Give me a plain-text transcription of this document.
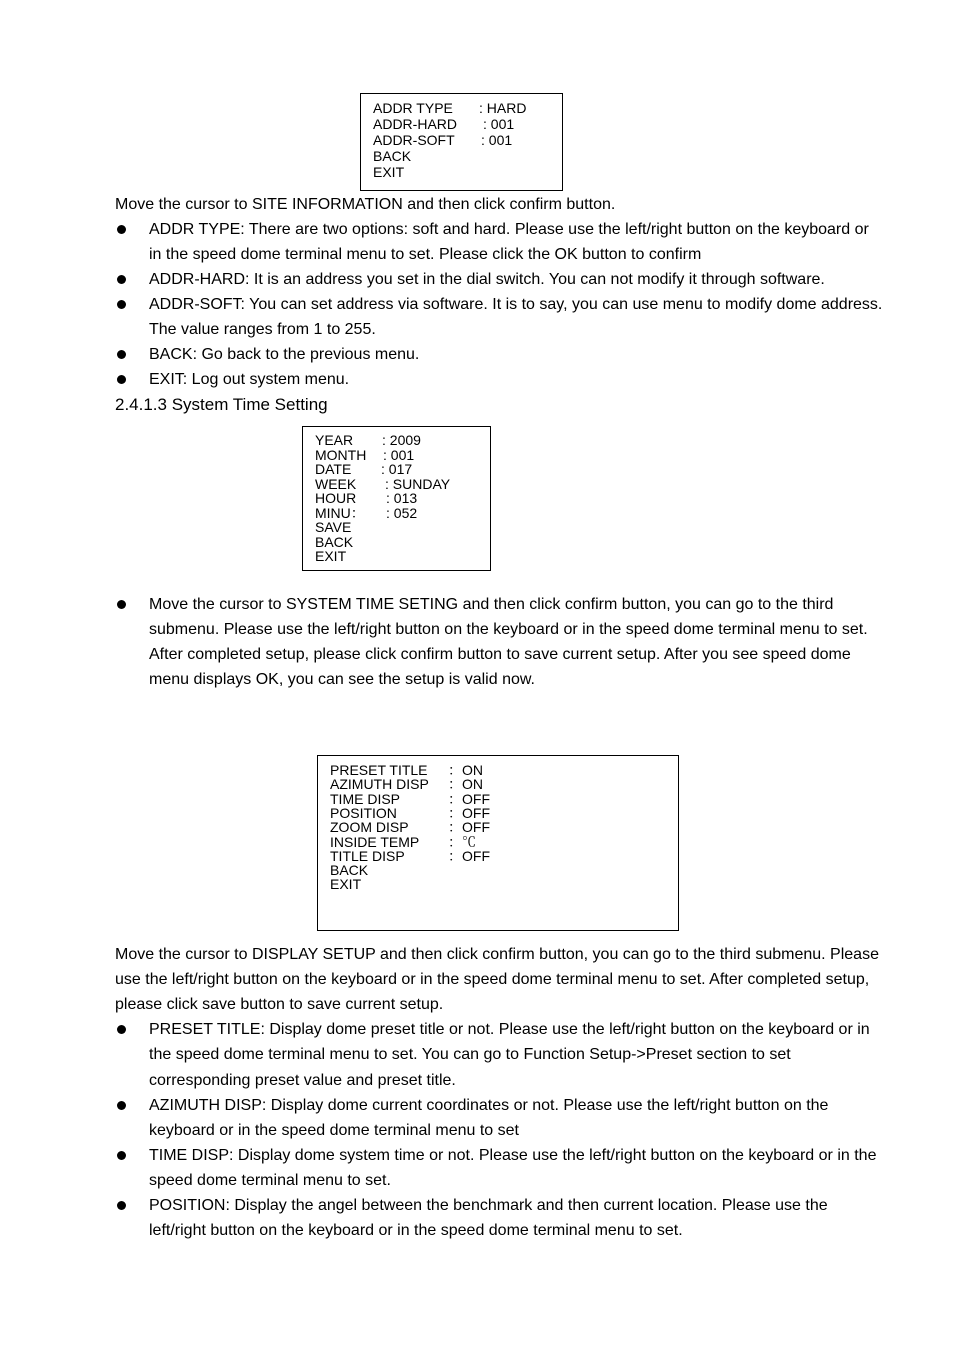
ADDR TYPE : HARD
ADDR-HARD : 001
ADDR-SOFT : 001
BACK
EXIT
Move the cursor to SITE INFORMATION and then click confirm button.
ADDR TYPE: There are two options: soft and hard. Please use the left/right button on the keyboard or
in the speed dome terminal menu to set. Please click the OK button to confirm
ADDR-HARD: It is an address you set in the dial switch. You can not modify it through software.
ADDR-SOFT: You can set address via software. It is to say, you can use menu to modify dome address.
The value ranges from 1 to 255.
BACK: Go back to the previous menu.
EXIT: Log out system menu.
2.4.1.3 System Time Setting
YEAR : 2009
MONTH : 001
DATE : 017
WEEK : SUNDAY
HOUR : 013
MINU： : 052
SAVE
BACK
EXIT
Move the cursor to SYSTEM TIME SETING and then click confirm button, you can go to the third
submenu. Please use the left/right button on the keyboard or in the speed dome terminal menu to set.
After completed setup, please click confirm button to save current setup. After you see speed dome
menu displays OK, you can see the setup is valid now.
PRESET TITLE ：ON
AZIMUTH DISP ：ON
TIME DISP	：OFF
POSITION	：OFF
ZOOM DISP	：OFF
INSIDE TEMP ：℃
TITLE DISP	：OFF
BACK
EXIT
Move the cursor to DISPLAY SETUP and then click confirm button, you can go to the third submenu. Please
use the left/right button on the keyboard or in the speed dome terminal menu to set. After completed setup,
please click save button to save current setup.
PRESET TITLE: Display dome preset title or not. Please use the left/right button on the keyboard or in
the speed dome terminal menu to set. You can go to Function Setup->Preset section to set
corresponding preset value and preset title.
AZIMUTH DISP: Display dome current coordinates or not. Please use the left/right button on the
keyboard or in the speed dome terminal menu to set
TIME DISP: Display dome system time or not. Please use the left/right button on the keyboard or in the
speed dome terminal menu to set.
POSITION: Display the angel between the benchmark and then current location. Please use the
left/right button on the keyboard or in the speed dome terminal menu to set.
